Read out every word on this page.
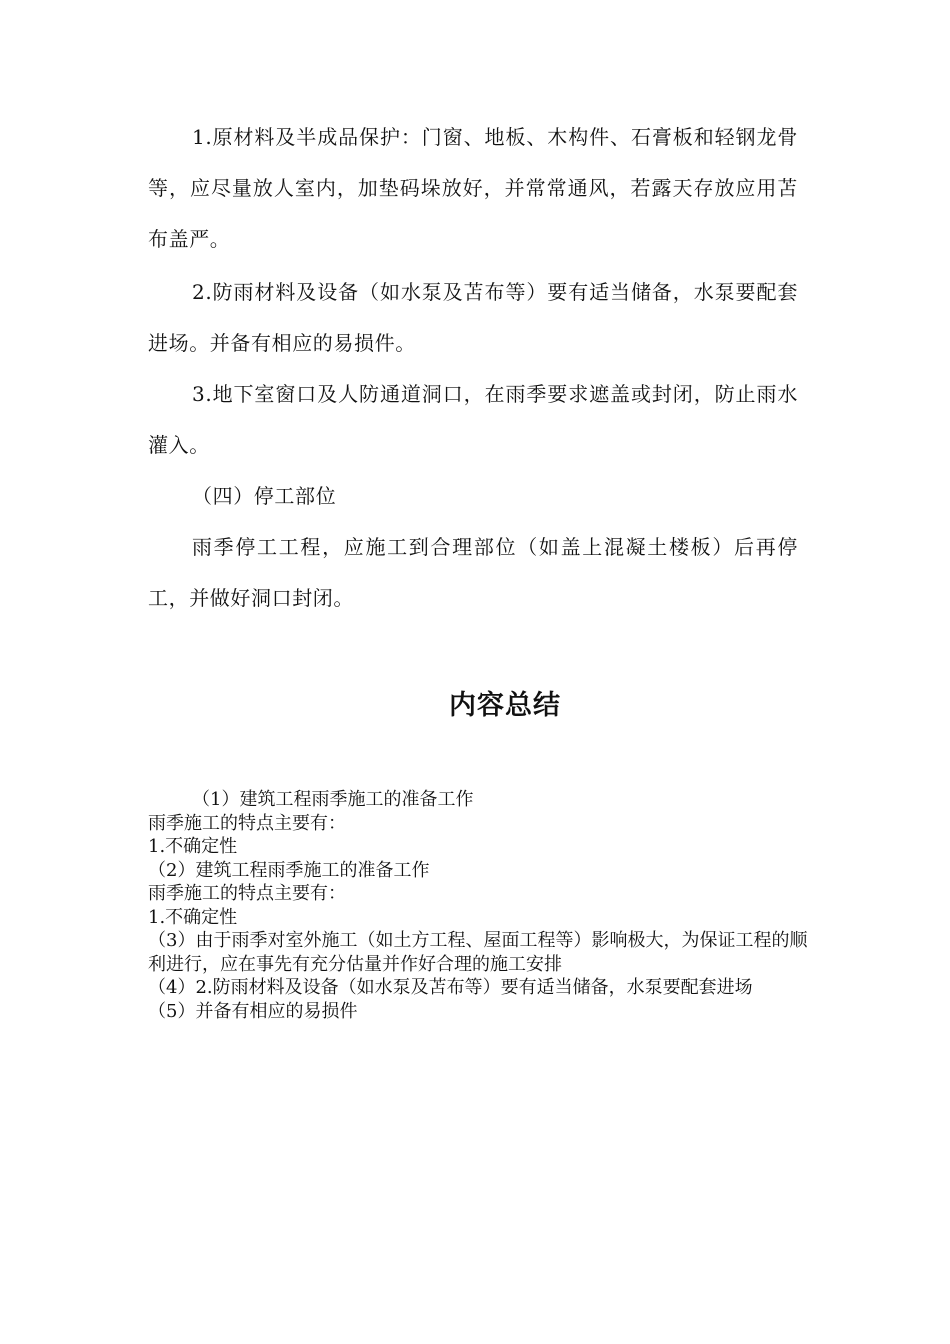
1.原材料及半成品保护：门窗、地板、木构件、石膏板和轻钢龙骨等，应尽量放人室内，加垫码垛放好，并常常通风，若露天存放应用苫布盖严。

2.防雨材料及设备（如水泵及苫布等）要有适当储备，水泵要配套进场。并备有相应的易损件。

3.地下室窗口及人防通道洞口，在雨季要求遮盖或封闭，防止雨水灌入。

（四）停工部位

雨季停工工程，应施工到合理部位（如盖上混凝土楼板）后再停工，并做好洞口封闭。

内容总结
（1）建筑工程雨季施工的准备工作
雨季施工的特点主要有：
1.不确定性
（2）建筑工程雨季施工的准备工作
雨季施工的特点主要有：
1.不确定性
（3）由于雨季对室外施工（如土方工程、屋面工程等）影响极大，为保证工程的顺利进行，应在事先有充分估量并作好合理的施工安排
（4）2.防雨材料及设备（如水泵及苫布等）要有适当储备，水泵要配套进场
（5）并备有相应的易损件
